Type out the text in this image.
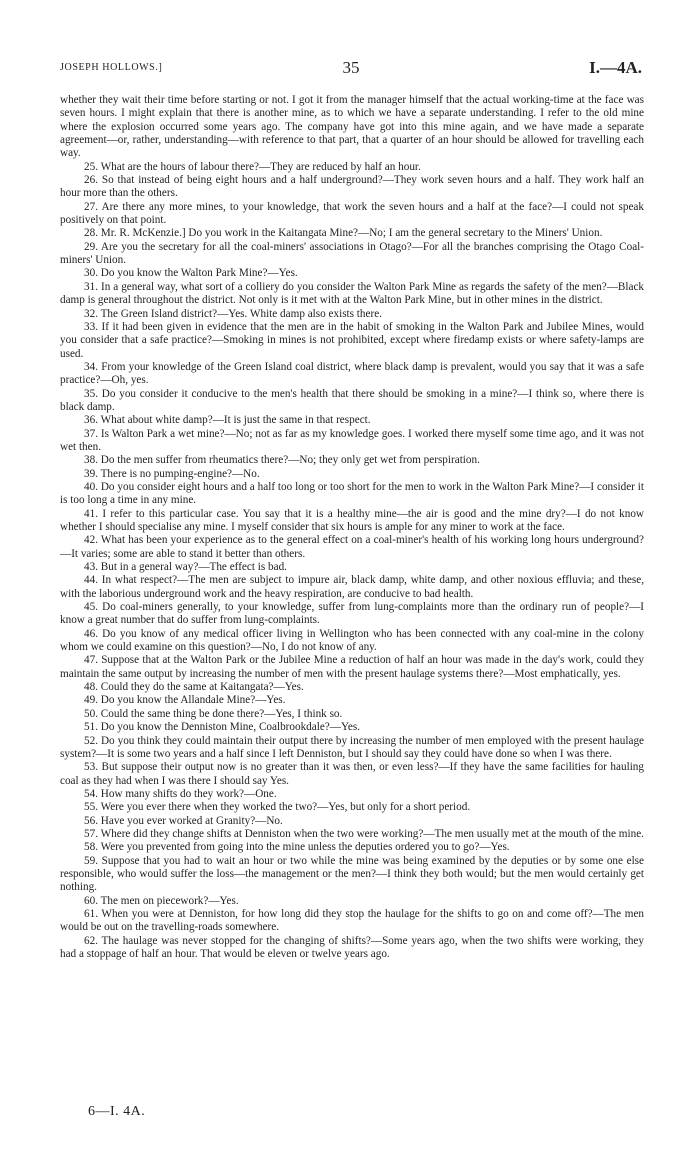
JOSEPH HOLLOWS.]	35	I.—4A.

whether they wait their time before starting or not. I got it from the manager himself that the actual working-time at the face was seven hours. I might explain that there is another mine, as to which we have a separate understanding. I refer to the old mine where the explosion occurred some years ago. The company have got into this mine again, and we have made a separate agreement—or, rather, understanding—with reference to that part, that a quarter of an hour should be allowed for travelling each way.

25. What are the hours of labour there?—They are reduced by half an hour.

26. So that instead of being eight hours and a half underground?—They work seven hours and a half. They work half an hour more than the others.

27. Are there any more mines, to your knowledge, that work the seven hours and a half at the face?—I could not speak positively on that point.

28. Mr. R. McKenzie.] Do you work in the Kaitangata Mine?—No; I am the general secretary to the Miners' Union.

29. Are you the secretary for all the coal-miners' associations in Otago?—For all the branches comprising the Otago Coal-miners' Union.

30. Do you know the Walton Park Mine?—Yes.

31. In a general way, what sort of a colliery do you consider the Walton Park Mine as regards the safety of the men?—Black damp is general throughout the district. Not only is it met with at the Walton Park Mine, but in other mines in the district.

32. The Green Island district?—Yes. White damp also exists there.

33. If it had been given in evidence that the men are in the habit of smoking in the Walton Park and Jubilee Mines, would you consider that a safe practice?—Smoking in mines is not prohibited, except where firedamp exists or where safety-lamps are used.

34. From your knowledge of the Green Island coal district, where black damp is prevalent, would you say that it was a safe practice?—Oh, yes.

35. Do you consider it conducive to the men's health that there should be smoking in a mine?—I think so, where there is black damp.

36. What about white damp?—It is just the same in that respect.

37. Is Walton Park a wet mine?—No; not as far as my knowledge goes. I worked there myself some time ago, and it was not wet then.

38. Do the men suffer from rheumatics there?—No; they only get wet from perspiration.

39. There is no pumping-engine?—No.

40. Do you consider eight hours and a half too long or too short for the men to work in the Walton Park Mine?—I consider it is too long a time in any mine.

41. I refer to this particular case. You say that it is a healthy mine—the air is good and the mine dry?—I do not know whether I should specialise any mine. I myself consider that six hours is ample for any miner to work at the face.

42. What has been your experience as to the general effect on a coal-miner's health of his working long hours underground?—It varies; some are able to stand it better than others.

43. But in a general way?—The effect is bad.

44. In what respect?—The men are subject to impure air, black damp, white damp, and other noxious effluvia; and these, with the laborious underground work and the heavy respiration, are conducive to bad health.

45. Do coal-miners generally, to your knowledge, suffer from lung-complaints more than the ordinary run of people?—I know a great number that do suffer from lung-complaints.

46. Do you know of any medical officer living in Wellington who has been connected with any coal-mine in the colony whom we could examine on this question?—No, I do not know of any.

47. Suppose that at the Walton Park or the Jubilee Mine a reduction of half an hour was made in the day's work, could they maintain the same output by increasing the number of men with the present haulage systems there?—Most emphatically, yes.

48. Could they do the same at Kaitangata?—Yes.

49. Do you know the Allandale Mine?—Yes.

50. Could the same thing be done there?—Yes, I think so.

51. Do you know the Denniston Mine, Coalbrookdale?—Yes.

52. Do you think they could maintain their output there by increasing the number of men employed with the present haulage system?—It is some two years and a half since I left Denniston, but I should say they could have done so when I was there.

53. But suppose their output now is no greater than it was then, or even less?—If they have the same facilities for hauling coal as they had when I was there I should say Yes.

54. How many shifts do they work?—One.

55. Were you ever there when they worked the two?—Yes, but only for a short period.

56. Have you ever worked at Granity?—No.

57. Where did they change shifts at Denniston when the two were working?—The men usually met at the mouth of the mine.

58. Were you prevented from going into the mine unless the deputies ordered you to go?—Yes.

59. Suppose that you had to wait an hour or two while the mine was being examined by the deputies or by some one else responsible, who would suffer the loss—the management or the men?—I think they both would; but the men would certainly get nothing.

60. The men on piecework?—Yes.

61. When you were at Denniston, for how long did they stop the haulage for the shifts to go on and come off?—The men would be out on the travelling-roads somewhere.

62. The haulage was never stopped for the changing of shifts?—Some years ago, when the two shifts were working, they had a stoppage of half an hour. That would be eleven or twelve years ago.

6—I. 4A.
